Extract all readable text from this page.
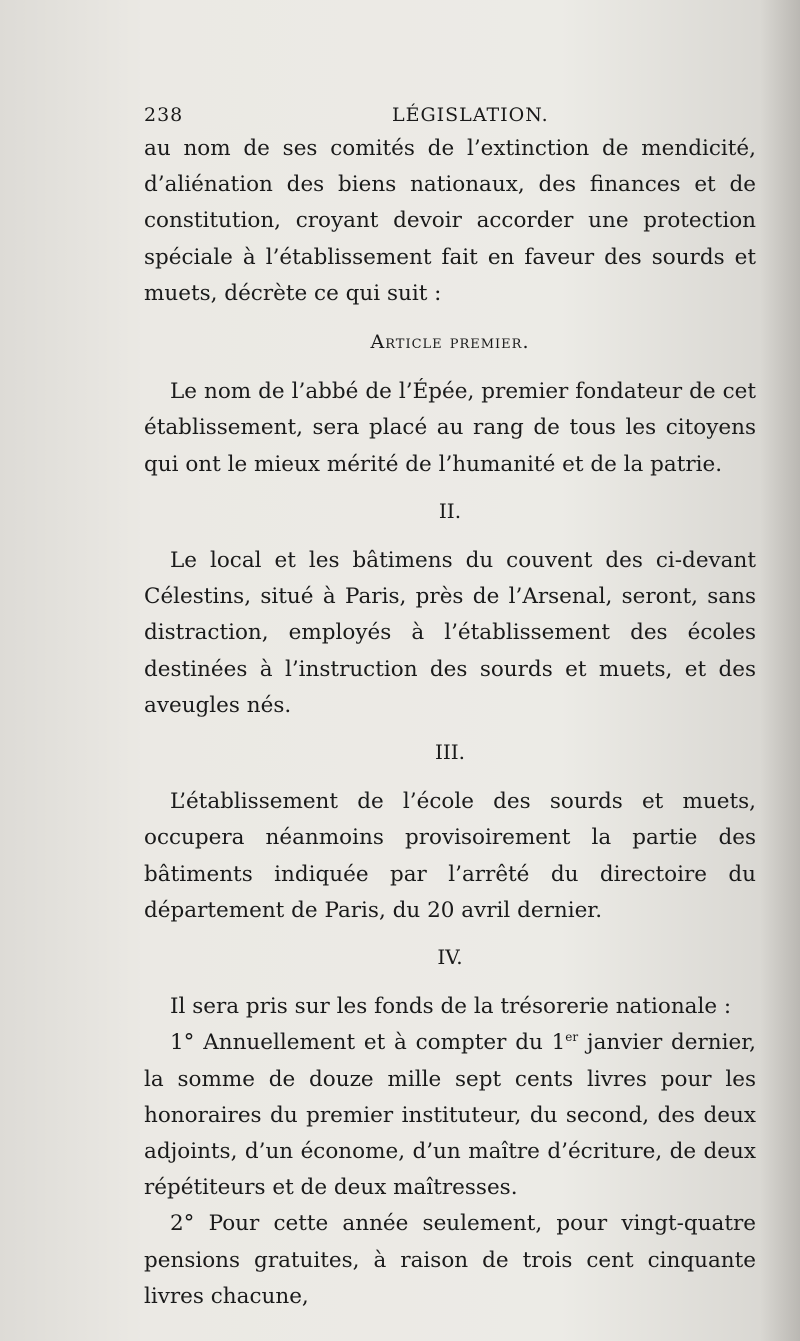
238	LÉGISLATION.

au nom de ses comités de l’extinction de mendicité, d’aliénation des biens nationaux, des finances et de constitution, croyant devoir accorder une protection spéciale à l’établissement fait en faveur des sourds et muets, décrète ce qui suit :

Article premier.

Le nom de l’abbé de l’Épée, premier fondateur de cet établissement, sera placé au rang de tous les citoyens qui ont le mieux mérité de l’humanité et de la patrie.

II.

Le local et les bâtimens du couvent des ci-devant Célestins, situé à Paris, près de l’Arsenal, seront, sans distraction, employés à l’établissement des écoles destinées à l’instruction des sourds et muets, et des aveugles nés.

III.

L’établissement de l’école des sourds et muets, occupera néanmoins provisoirement la partie des bâtiments indiquée par l’arrêté du directoire du département de Paris, du 20 avril dernier.

IV.

Il sera pris sur les fonds de la trésorerie nationale :

1° Annuellement et à compter du 1er janvier dernier, la somme de douze mille sept cents livres pour les honoraires du premier instituteur, du second, des deux adjoints, d’un économe, d’un maître d’écriture, de deux répétiteurs et de deux maîtresses.

2° Pour cette année seulement, pour vingt-quatre pensions gratuites, à raison de trois cent cinquante livres chacune,
